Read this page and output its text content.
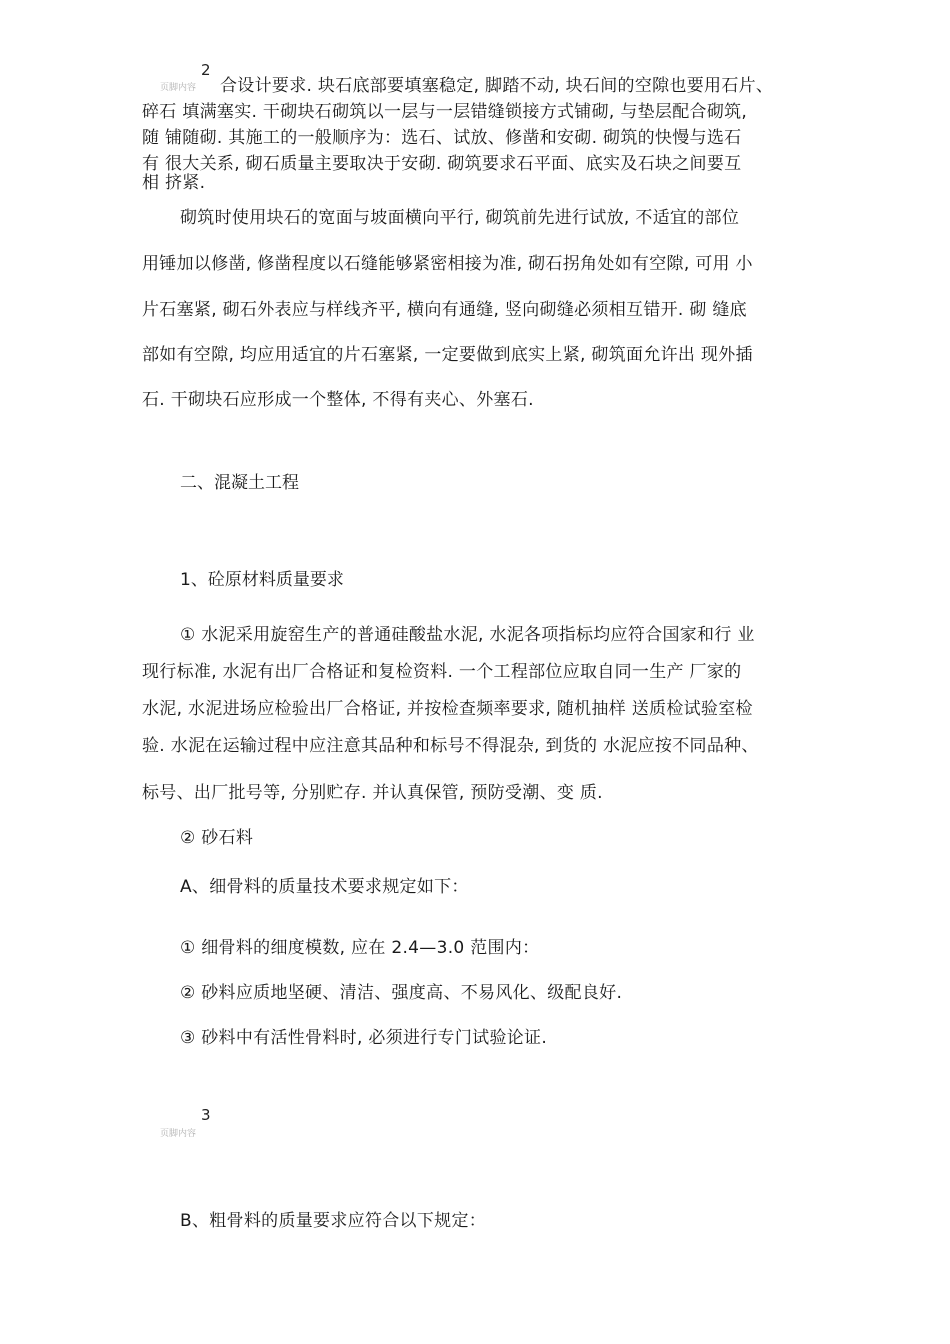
2
页脚内容 合设计要求. 块石底部要填塞稳定, 脚踏不动, 块石间的空隙也要用石片、
碎石 填满塞实. 干砌块石砌筑以一层与一层错缝锁接方式铺砌, 与垫层配合砌筑,
随 铺随砌. 其施工的一般顺序为：选石、试放、修凿和安砌. 砌筑的快慢与选石
有 很大关系, 砌石质量主要取决于安砌. 砌筑要求石平面、底实及石块之间要互
相 挤紧.
砌筑时使用块石的宽面与坡面横向平行, 砌筑前先进行试放, 不适宜的部位
用锤加以修凿, 修凿程度以石缝能够紧密相接为准, 砌石拐角处如有空隙, 可用 小
片石塞紧, 砌石外表应与样线齐平, 横向有通缝, 竖向砌缝必须相互错开. 砌 缝底
部如有空隙, 均应用适宜的片石塞紧, 一定要做到底实上紧, 砌筑面允许出 现外插
石. 干砌块石应形成一个整体, 不得有夹心、外塞石.
二、混凝土工程
1、砼原材料质量要求
① 水泥采用旋窑生产的普通硅酸盐水泥, 水泥各项指标均应符合国家和行 业
现行标准, 水泥有出厂合格证和复检资料. 一个工程部位应取自同一生产 厂家的
水泥, 水泥进场应检验出厂合格证, 并按检查频率要求, 随机抽样 送质检试验室检
验. 水泥在运输过程中应注意其品种和标号不得混杂, 到货的 水泥应按不同品种、
标号、出厂批号等, 分别贮存. 并认真保管, 预防受潮、变 质.
② 砂石料
A、细骨料的质量技术要求规定如下：
① 细骨料的细度模数, 应在 2.4—3.0 范围内：
② 砂料应质地坚硬、清洁、强度高、不易风化、级配良好.
③ 砂料中有活性骨料时, 必须进行专门试验论证.
3
页脚内容
B、粗骨料的质量要求应符合以下规定：
